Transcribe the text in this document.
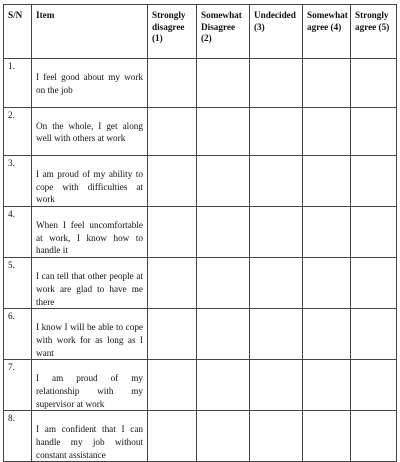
S/N	Item	Strongly disagree (1)	Somewhat Disagree (2)	Undecided (3)	Somewhat agree (4)	Strongly agree (5)
1.	I feel good about my work on the job					

2.	On the whole, I get along well with others at work					

3.	I am proud of my ability to cope with difficulties at work					

4.	When I feel uncomfortable at work, I know how to handle it					

5.	I can tell that other people at work are glad to have me there					

6.	I know I will be able to cope with work for as long as I want					

7.	I am proud of my relationship with my supervisor at work					

8.	I am confident that I can handle my job without constant assistance					
